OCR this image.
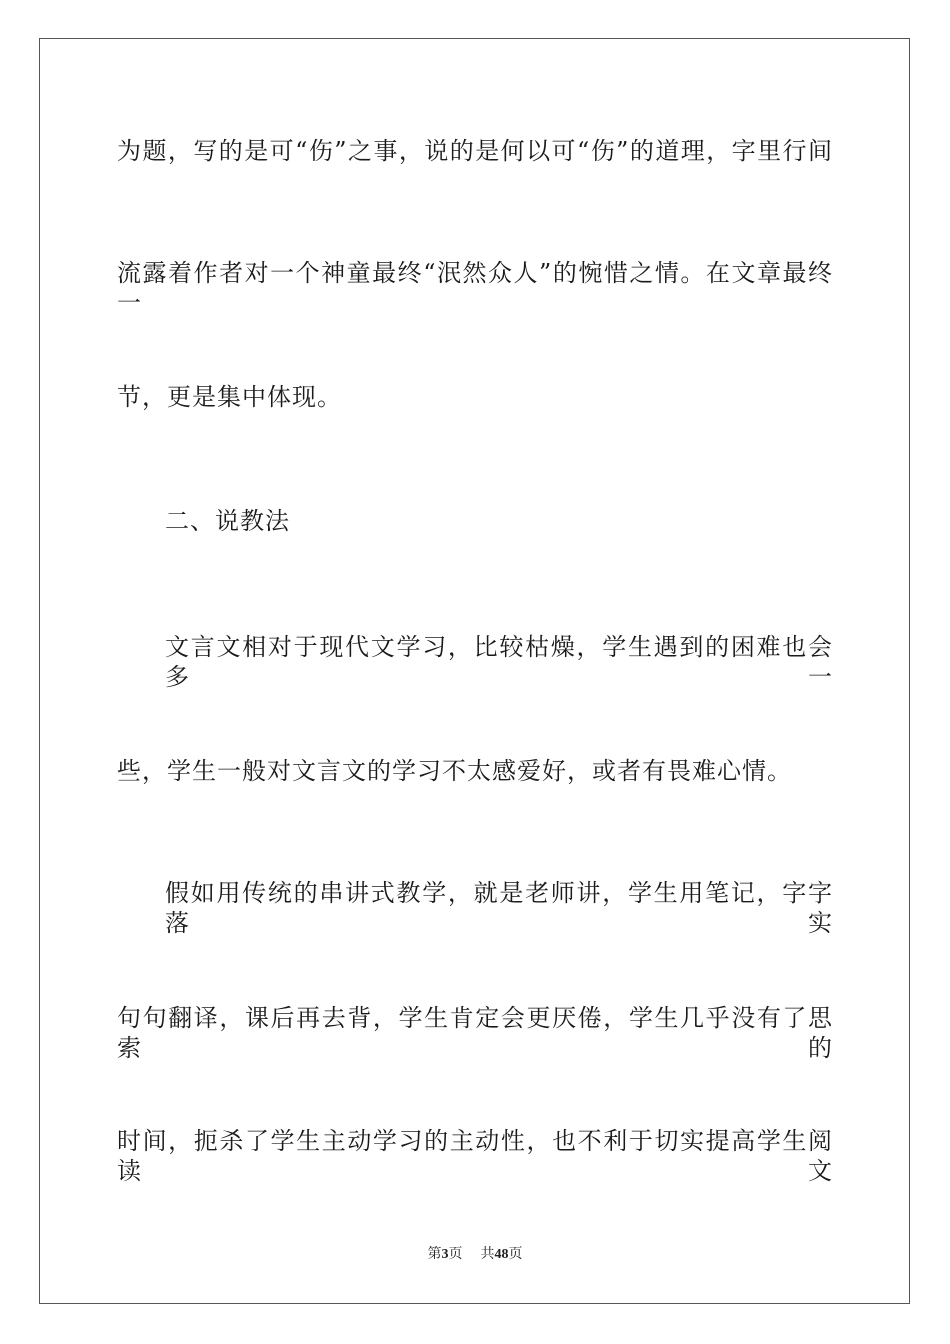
为题，写的是可“伤”之事，说的是何以可“伤”的道理，字里行间
流露着作者对一个神童最终“泯然众人”的惋惜之情。在文章最终一
节，更是集中体现。
二、说教法
文言文相对于现代文学习，比较枯燥，学生遇到的困难也会多一
些，学生一般对文言文的学习不太感爱好，或者有畏难心情。
假如用传统的串讲式教学，就是老师讲，学生用笔记，字字落实
句句翻译，课后再去背，学生肯定会更厌倦，学生几乎没有了思索的
时间，扼杀了学生主动学习的主动性，也不利于切实提高学生阅读文
第3页 共48页
